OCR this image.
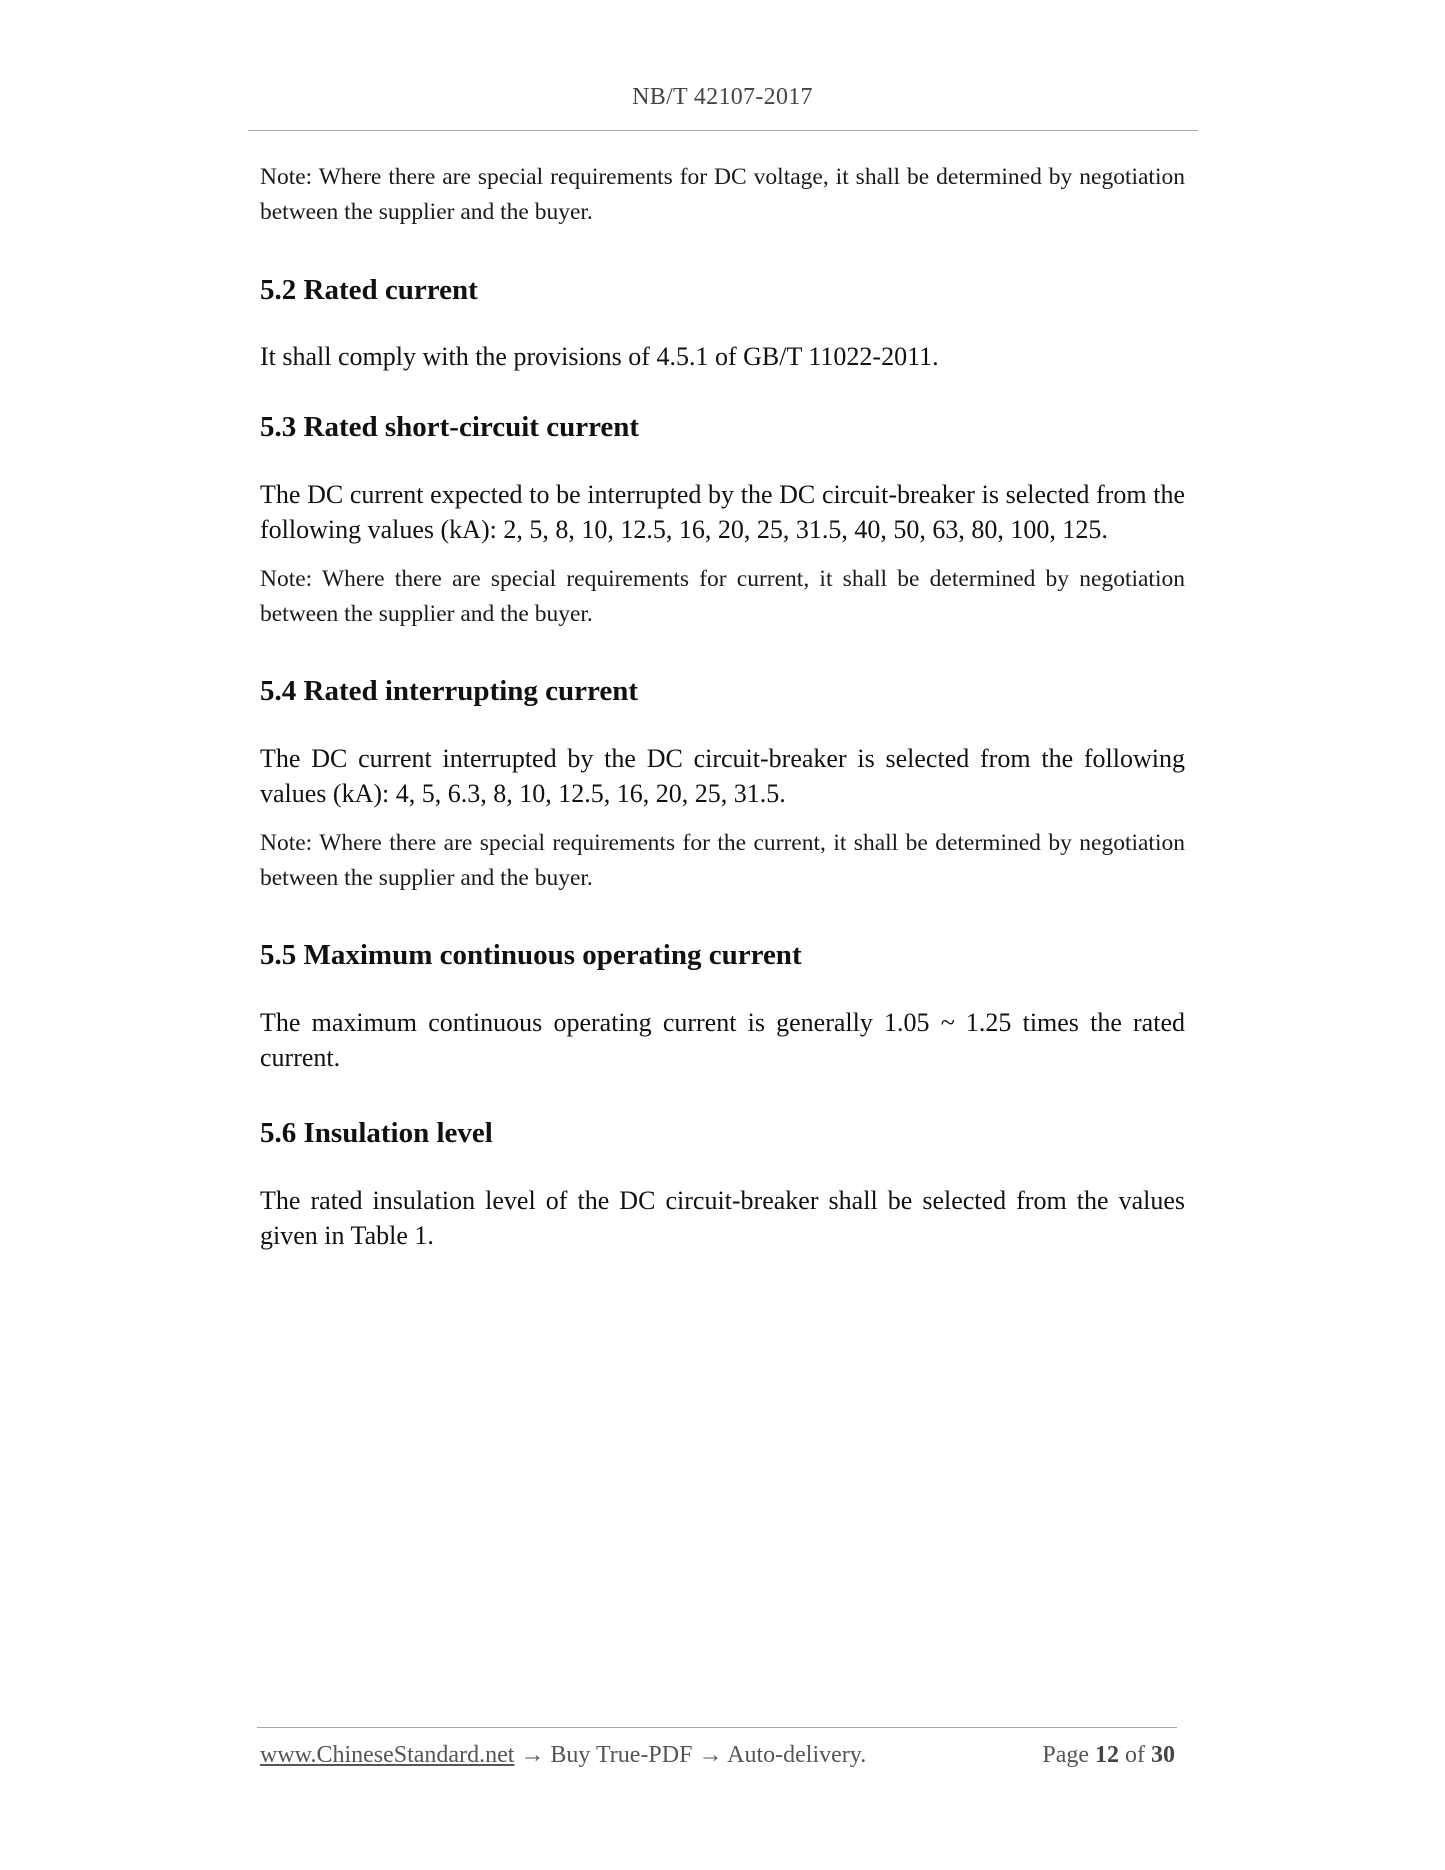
NB/T 42107-2017

Note: Where there are special requirements for DC voltage, it shall be determined by negotiation between the supplier and the buyer.

5.2 Rated current

It shall comply with the provisions of 4.5.1 of GB/T 11022-2011.

5.3 Rated short-circuit current

The DC current expected to be interrupted by the DC circuit-breaker is selected from the following values (kA): 2, 5, 8, 10, 12.5, 16, 20, 25, 31.5, 40, 50, 63, 80, 100, 125.

Note: Where there are special requirements for current, it shall be determined by negotiation between the supplier and the buyer.

5.4 Rated interrupting current

The DC current interrupted by the DC circuit-breaker is selected from the following values (kA): 4, 5, 6.3, 8, 10, 12.5, 16, 20, 25, 31.5.

Note: Where there are special requirements for the current, it shall be determined by negotiation between the supplier and the buyer.

5.5 Maximum continuous operating current

The maximum continuous operating current is generally 1.05 ~ 1.25 times the rated current.

5.6 Insulation level

The rated insulation level of the DC circuit-breaker shall be selected from the values given in Table 1.

www.ChineseStandard.net → Buy True-PDF → Auto-delivery.	Page 12 of 30
